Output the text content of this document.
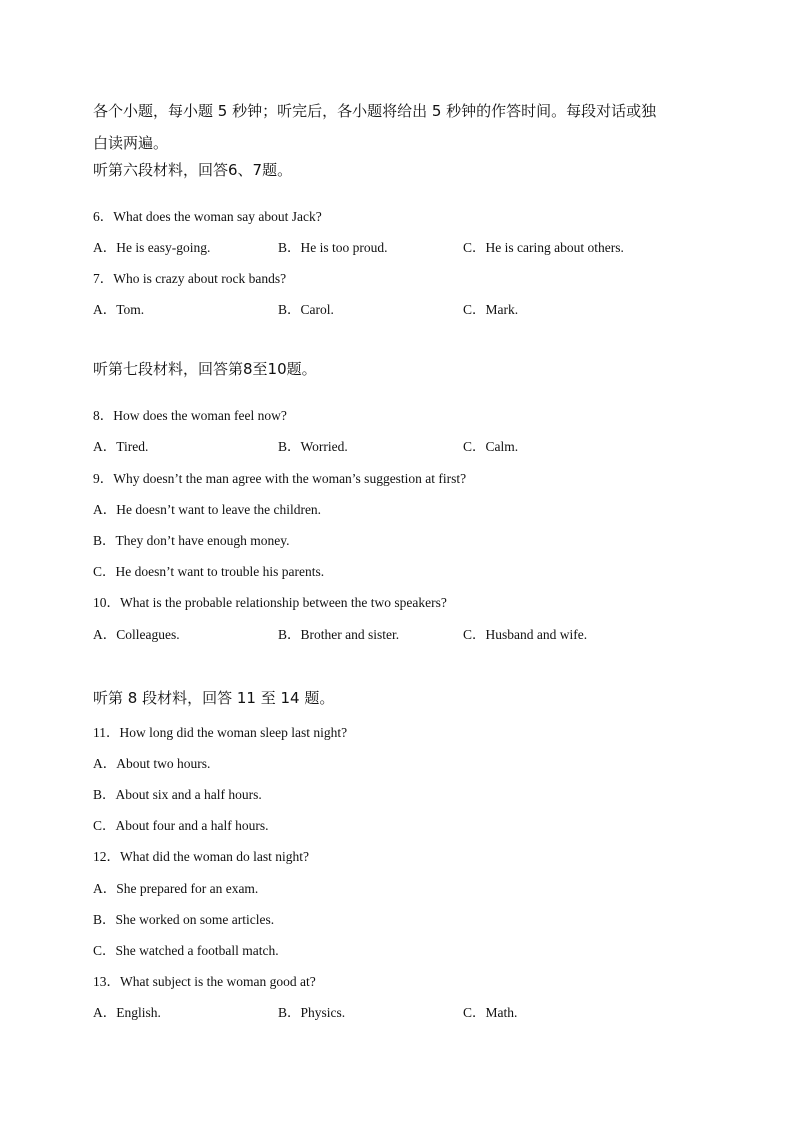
各个小题，每小题 5 秒钟；听完后，各小题将给出 5 秒钟的作答时间。每段对话或独
白读两遍。
听第六段材料，回答6、7题。
6．What does the woman say about Jack?
A．He is easy-going.	B．He is too proud.	C．He is caring about others.
7．Who is crazy about rock bands?
A．Tom.	B．Carol.	C．Mark.
听第七段材料，回答第8至10题。
8．How does the woman feel now?
A．Tired.	B．Worried.	C．Calm.
9．Why doesn’t the man agree with the woman’s suggestion at first?
A．He doesn’t want to leave the children.
B．They don’t have enough money.
C．He doesn’t want to trouble his parents.
10．What is the probable relationship between the two speakers?
A．Colleagues.	B．Brother and sister.	C．Husband and wife.
听第 8 段材料，回答 11 至 14 题。
11．How long did the woman sleep last night?
A．About two hours.
B．About six and a half hours.
C．About four and a half hours.
12．What did the woman do last night?
A．She prepared for an exam.
B．She worked on some articles.
C．She watched a football match.
13．What subject is the woman good at?
A．English.	B．Physics.	C．Math.
